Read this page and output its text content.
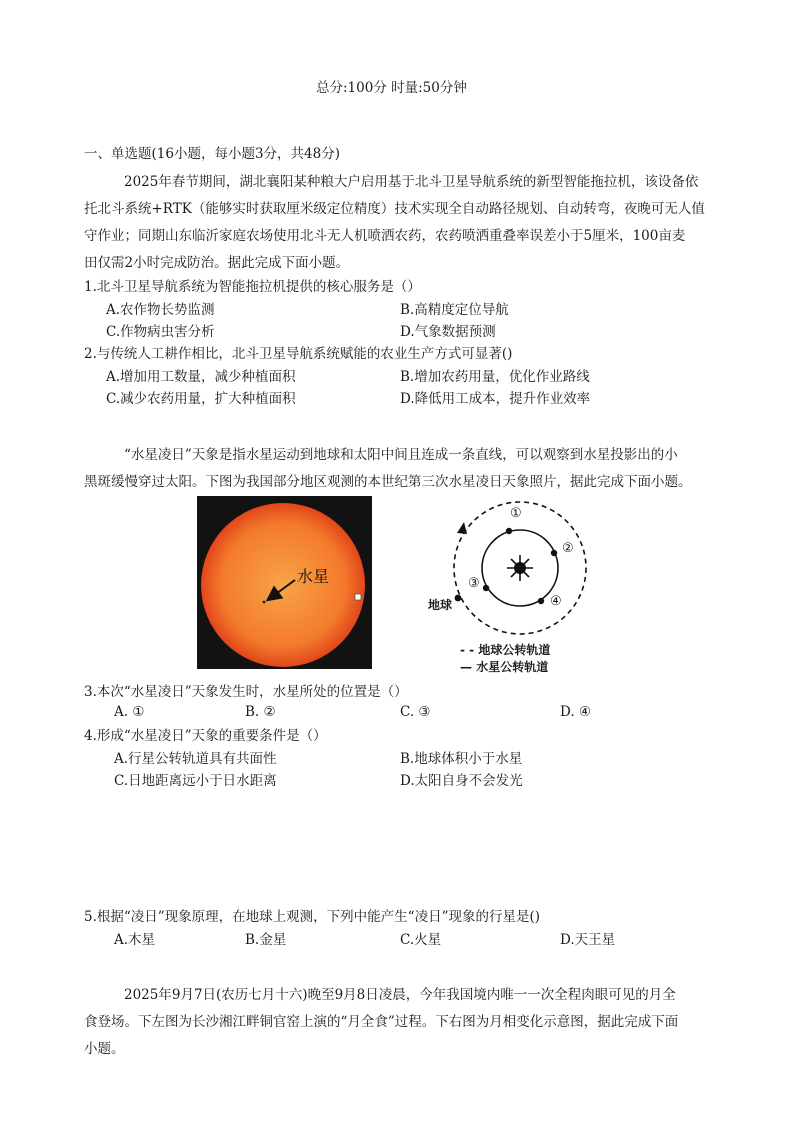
总分:100分 时量:50分钟
一、单选题(16小题，每小题3分，共48分)
2025年春节期间，湖北襄阳某种粮大户启用基于北斗卫星导航系统的新型智能拖拉机，该设备依
托北斗系统+RTK（能够实时获取厘米级定位精度）技术实现全自动路径规划、自动转弯，夜晚可无人值
守作业；同期山东临沂家庭农场使用北斗无人机喷洒农药，农药喷洒重叠率误差小于5厘米，100亩麦
田仅需2小时完成防治。据此完成下面小题。
1.北斗卫星导航系统为智能拖拉机提供的核心服务是（）
A.农作物长势监测	B.高精度定位导航
C.作物病虫害分析	D.气象数据预测
2.与传统人工耕作相比，北斗卫星导航系统赋能的农业生产方式可显著()
A.增加用工数量，减少种植面积	B.增加农药用量，优化作业路线
C.减少农药用量，扩大种植面积	D.降低用工成本，提升作业效率
“水星凌日”天象是指水星运动到地球和太阳中间且连成一条直线，可以观察到水星投影出的小
黑斑缓慢穿过太阳。下图为我国部分地区观测的本世纪第三次水星凌日天象照片，据此完成下面小题。
水星
①
②
③
④
地球
- - 地球公转轨道
— 水星公转轨道
3.本次“水星凌日”天象发生时，水星所处的位置是（）
A. ①	B. ②	C. ③	D. ④
4.形成“水星凌日”天象的重要条件是（）
A.行星公转轨道具有共面性	B.地球体积小于水星
C.日地距离远小于日水距离	D.太阳自身不会发光
5.根据“凌日”现象原理，在地球上观测，下列中能产生“凌日”现象的行星是()
A.木星	B.金星	C.火星	D.天王星
2025年9月7日(农历七月十六)晚至9月8日凌晨，今年我国境内唯一一次全程肉眼可见的月全
食登场。下左图为长沙湘江畔铜官窑上演的“月全食”过程。下右图为月相变化示意图，据此完成下面
小题。
